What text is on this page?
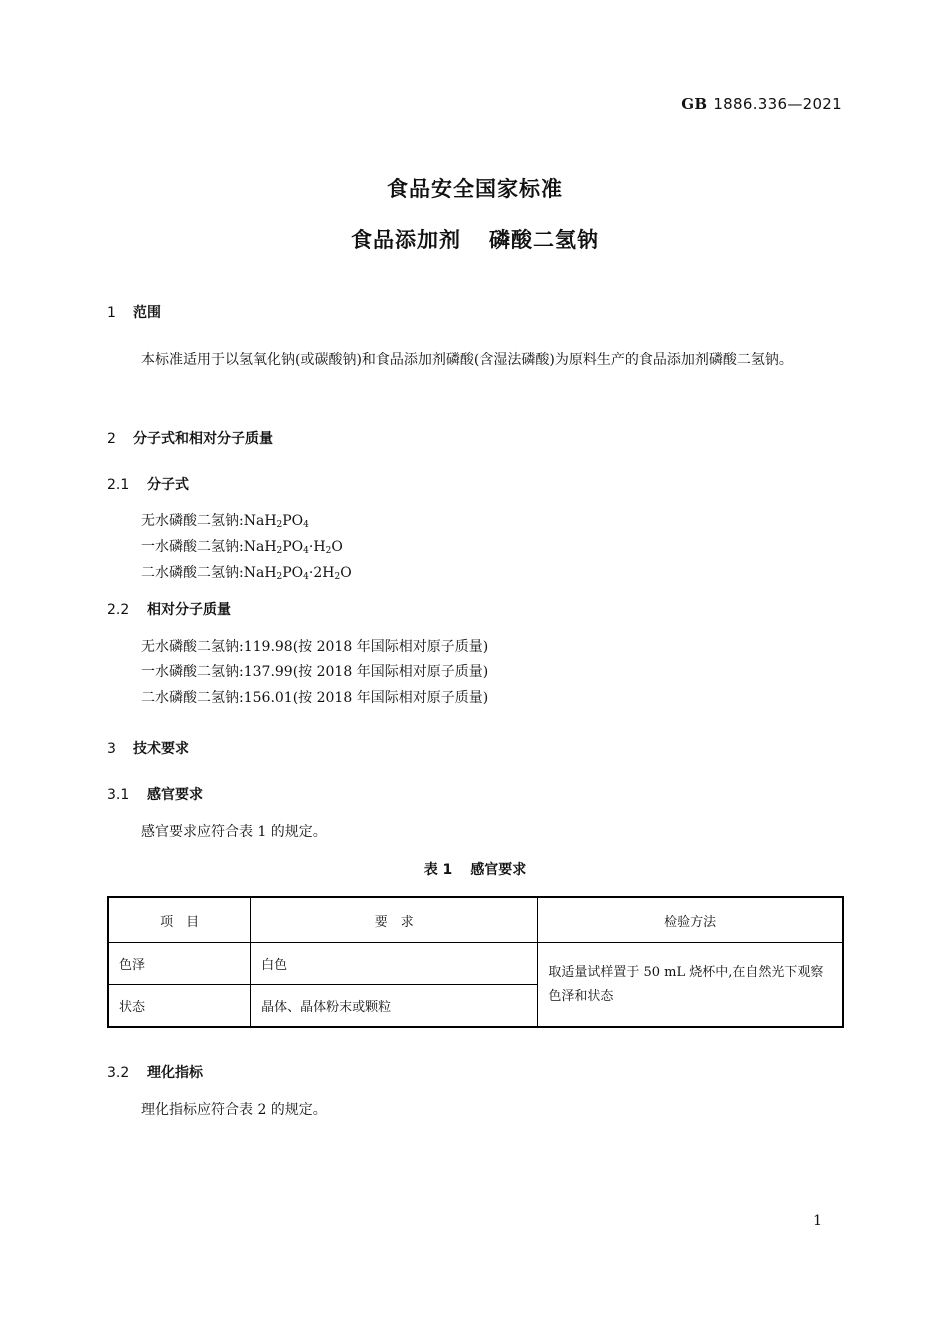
GB 1886.336—2021
食品安全国家标准
食品添加剂 磷酸二氢钠
1 范围
本标准适用于以氢氧化钠(或碳酸钠)和食品添加剂磷酸(含湿法磷酸)为原料生产的食品添加剂磷酸二氢钠。
2 分子式和相对分子质量
2.1 分子式
无水磷酸二氢钠$:NaH_2PO_4$
一水磷酸二氢钠$:NaH_2PO_4\cdot H_2O$
二水磷酸二氢钠$:NaH_2PO_4\cdot 2H_2O$
2.2 相对分子质量
无水磷酸二氢钠:119.98(按 2018 年国际相对原子质量)
一水磷酸二氢钠:137.99(按 2018 年国际相对原子质量)
二水磷酸二氢钠:156.01(按 2018 年国际相对原子质量)
3 技术要求
3.1 感官要求
感官要求应符合表 1 的规定。
表 1 感官要求
项　目	要　求	检验方法
色泽	白色	取适量试样置于 50 mL 烧杯中,在自然光下观察色泽和状态
状态	晶体、晶体粉末或颗粒	
3.2 理化指标
理化指标应符合表 2 的规定。
1
